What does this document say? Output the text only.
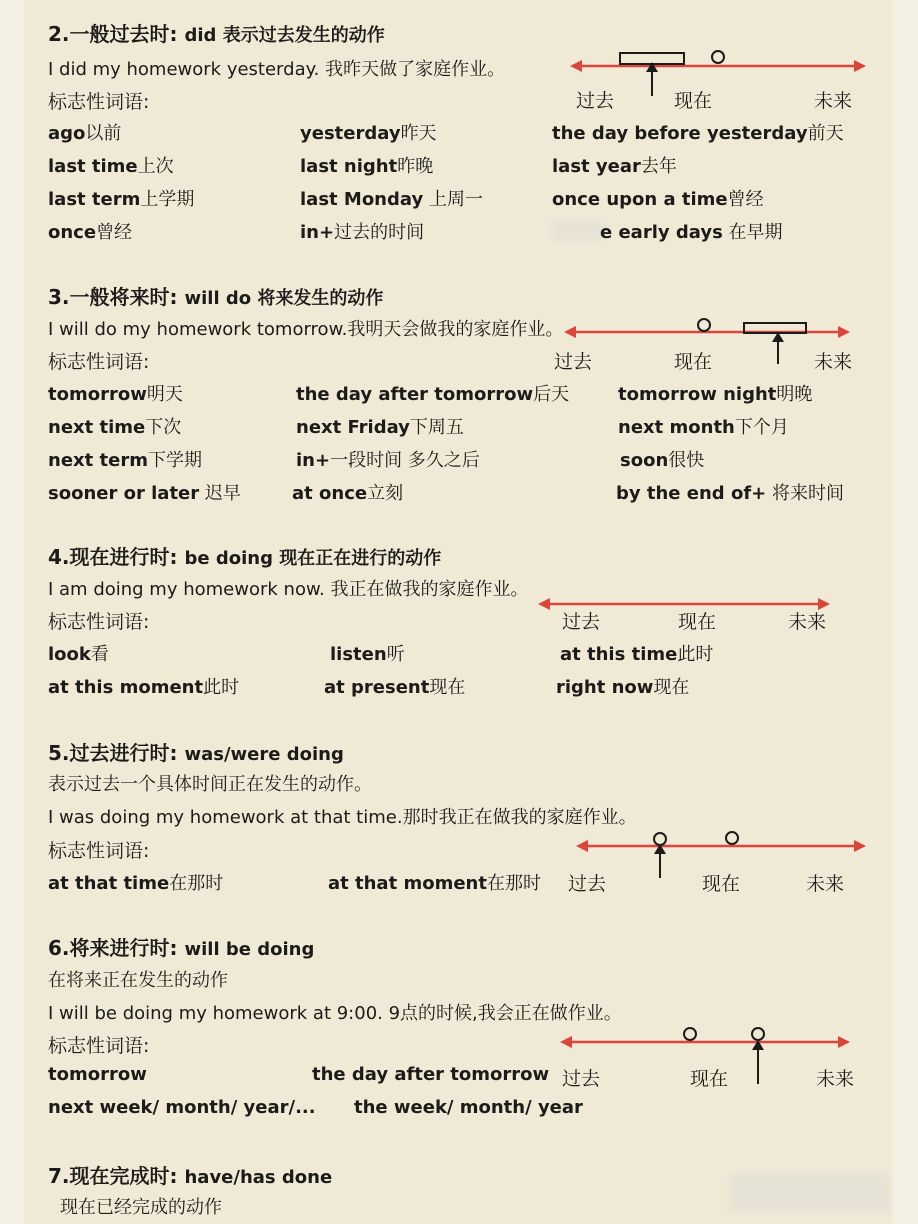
2.一般过去时: did 表示过去发生的动作
I did my homework yesterday. 我昨天做了家庭作业。
标志性词语:
ago以前	yesterday昨天	the day before yesterday前天
last time上次	last night昨晚	last year去年
last term上学期	last Monday 上周一	once upon a time曾经
once曾经	in+过去的时间	e early days 在早期
过去	现在	未来
3.一般将来时: will do 将来发生的动作
I will do my homework tomorrow.我明天会做我的家庭作业。
标志性词语:
tomorrow明天	the day after tomorrow后天	tomorrow night明晚
next time下次	next Friday下周五	next month下个月
next term下学期	in+一段时间 多久之后	soon很快
sooner or later 迟早	at once立刻	by the end of+ 将来时间
过去	现在	未来
4.现在进行时: be doing 现在正在进行的动作
I am doing my homework now. 我正在做我的家庭作业。
标志性词语:
look看	listen听	at this time此时
at this moment此时	at present现在	right now现在
过去	现在	未来
5.过去进行时: was/were doing
表示过去一个具体时间正在发生的动作。
I was doing my homework at that time.那时我正在做我的家庭作业。
标志性词语:
at that time在那时	at that moment在那时 过去	现在	未来
6.将来进行时: will be doing
在将来正在发生的动作
I will be doing my homework at 9:00. 9点的时候,我会正在做作业。
标志性词语:
tomorrow	the day after tomorrow
next week/ month/ year/... the week/ month/ year
过去	现在	未来
7.现在完成时: have/has done
现在已经完成的动作
